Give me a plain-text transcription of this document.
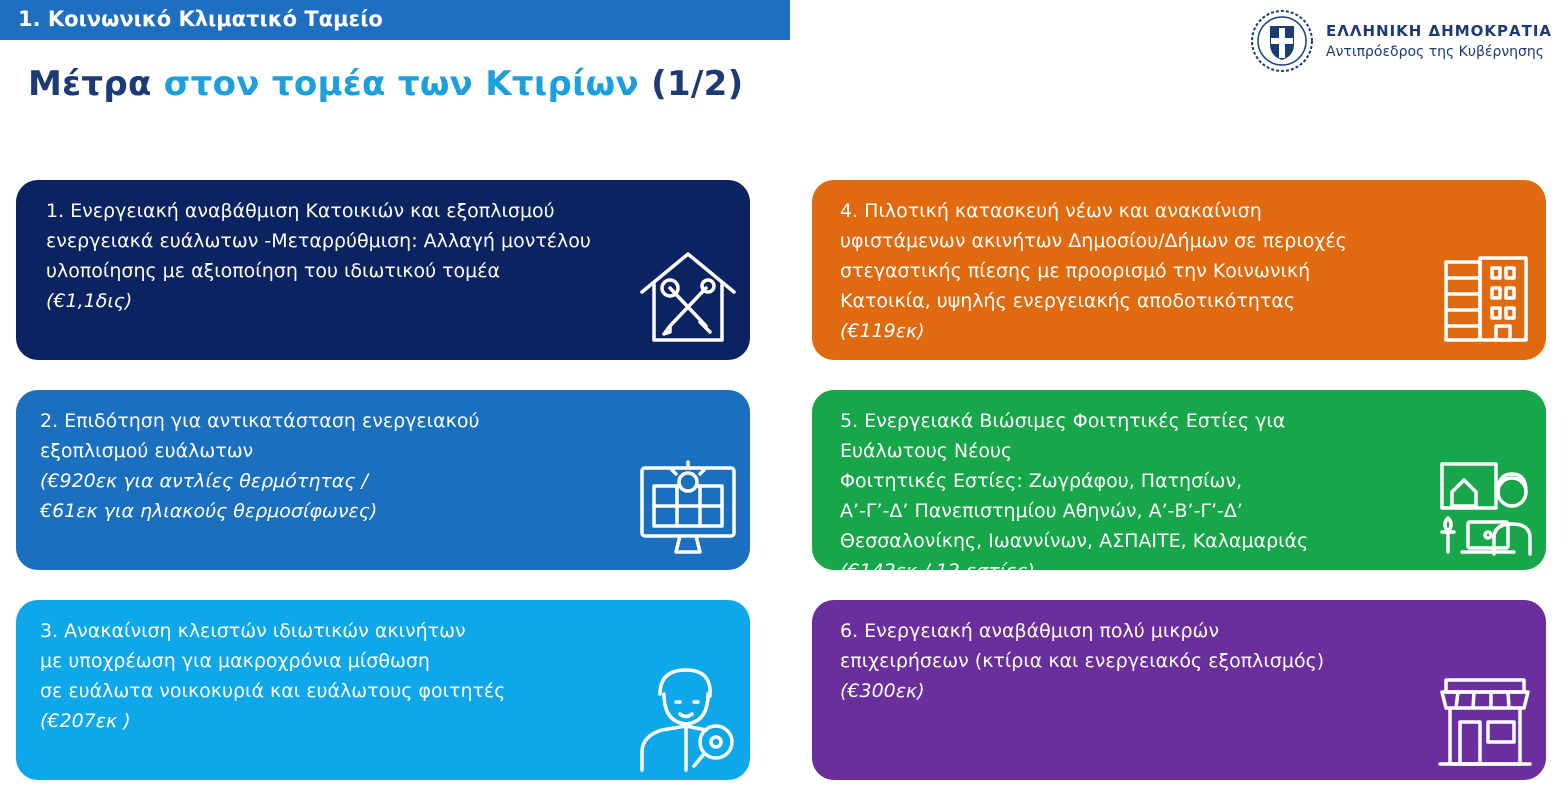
1. Κοινωνικό Κλιματικό Ταμείο	ΕΛΛΗΝΙΚΗ ΔΗΜΟΚΡΑΤΙΑ
Αντιπρόεδρος της Κυβέρνησης
Μέτρα στον τομέα των Κτιρίων (1/2)
1. Ενεργειακή αναβάθμιση Κατοικιών και εξοπλισμού
ενεργειακά ευάλωτων -Μεταρρύθμιση: Αλλαγή μοντέλου
υλοποίησης με αξιοποίηση του ιδιωτικού τομέα
(€1,1δις)
2. Επιδότηση για αντικατάσταση ενεργειακού
εξοπλισμού ευάλωτων
(€920εκ για αντλίες θερμότητας /
€61εκ για ηλιακούς θερμοσίφωνες)
3. Ανακαίνιση κλειστών ιδιωτικών ακινήτων
με υποχρέωση για μακροχρόνια μίσθωση
σε ευάλωτα νοικοκυριά και ευάλωτους φοιτητές
(€207εκ )
4. Πιλοτική κατασκευή νέων και ανακαίνιση
υφιστάμενων ακινήτων Δημοσίου/Δήμων σε περιοχές
στεγαστικής πίεσης με προορισμό την Κοινωνική
Κατοικία, υψηλής ενεργειακής αποδοτικότητας
(€119εκ)
5. Ενεργειακά Βιώσιμες Φοιτητικές Εστίες για
Ευάλωτους Νέους
Φοιτητικές Εστίες: Ζωγράφου, Πατησίων,
Α’-Γ’-Δ’ Πανεπιστημίου Αθηνών, Α’-Β’-Γ’-Δ’
Θεσσαλονίκης, Ιωαννίνων, ΑΣΠΑΙΤΕ, Καλαμαριάς
(€142εκ / 12 εστίες)
6. Ενεργειακή αναβάθμιση πολύ μικρών
επιχειρήσεων (κτίρια και ενεργειακός εξοπλισμός)
(€300εκ)
